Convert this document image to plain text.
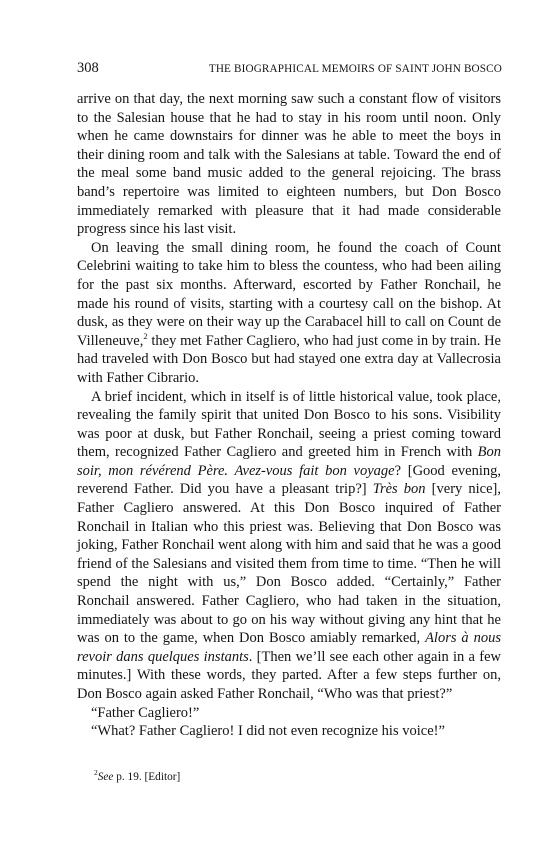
308	THE BIOGRAPHICAL MEMOIRS OF SAINT JOHN BOSCO

arrive on that day, the next morning saw such a constant flow of visitors to the Salesian house that he had to stay in his room until noon. Only when he came downstairs for dinner was he able to meet the boys in their dining room and talk with the Salesians at table. Toward the end of the meal some band music added to the general rejoicing. The brass band’s repertoire was limited to eighteen numbers, but Don Bosco immediately remarked with pleasure that it had made considerable progress since his last visit.

On leaving the small dining room, he found the coach of Count Celebrini waiting to take him to bless the countess, who had been ailing for the past six months. Afterward, escorted by Father Ronchail, he made his round of visits, starting with a courtesy call on the bishop. At dusk, as they were on their way up the Carabacel hill to call on Count de Villeneuve,$^2$ they met Father Cagliero, who had just come in by train. He had traveled with Don Bosco but had stayed one extra day at Vallecrosia with Father Cibrario.

A brief incident, which in itself is of little historical value, took place, revealing the family spirit that united Don Bosco to his sons. Visibility was poor at dusk, but Father Ronchail, seeing a priest coming toward them, recognized Father Cagliero and greeted him in French with Bon soir, mon révérend Père. Avez-vous fait bon voyage? [Good evening, reverend Father. Did you have a pleasant trip?] Très bon [very nice], Father Cagliero answered. At this Don Bosco inquired of Father Ronchail in Italian who this priest was. Believing that Don Bosco was joking, Father Ronchail went along with him and said that he was a good friend of the Salesians and visited them from time to time. “Then he will spend the night with us,” Don Bosco added. “Certainly,” Father Ronchail answered. Father Cagliero, who had taken in the situation, immediately was about to go on his way without giving any hint that he was on to the game, when Don Bosco amiably remarked, Alors à nous revoir dans quelques instants. [Then we’ll see each other again in a few minutes.] With these words, they parted. After a few steps further on, Don Bosco again asked Father Ronchail, “Who was that priest?”

“Father Cagliero!”

“What? Father Cagliero! I did not even recognize his voice!”

$^2$See p. 19. [Editor]
